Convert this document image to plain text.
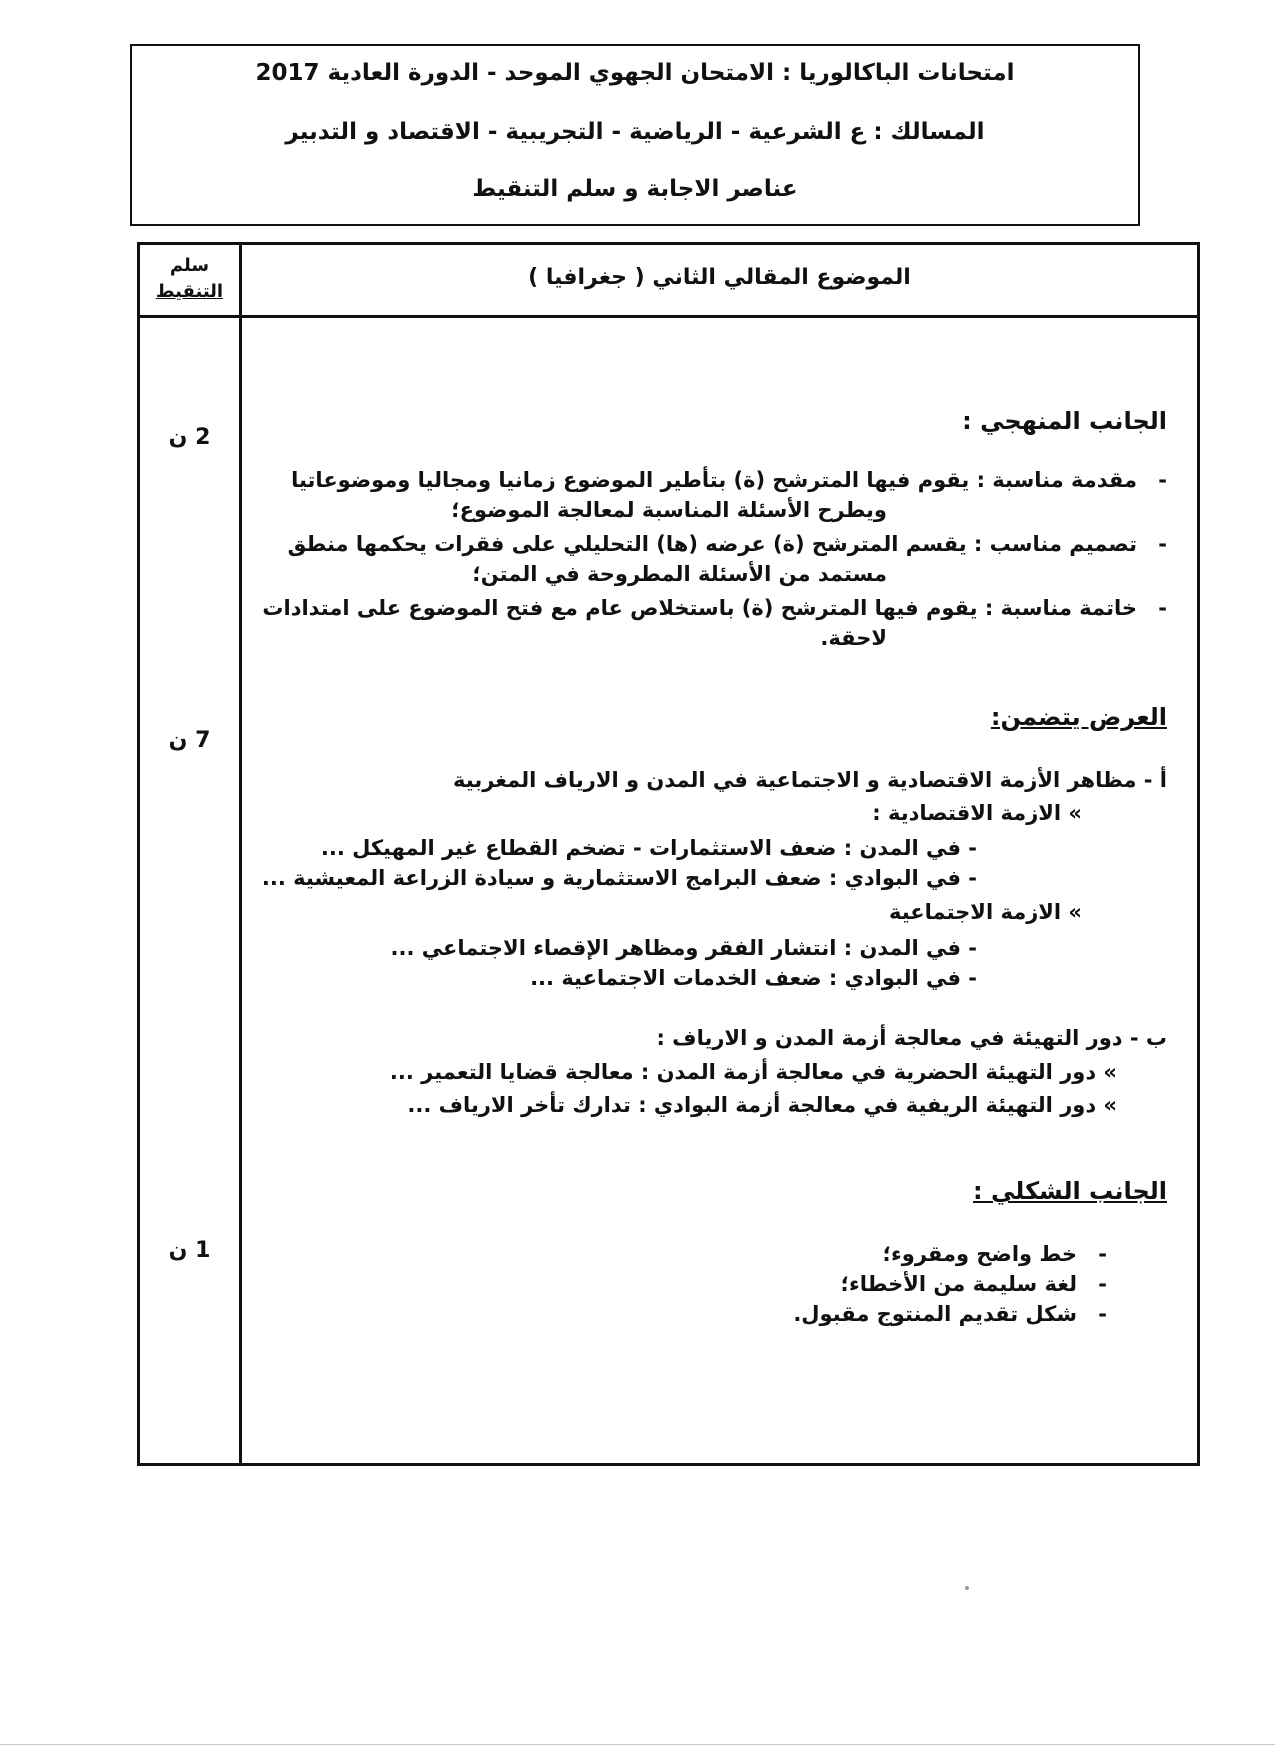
امتحانات الباكالوريا : الامتحان الجهوي الموحد - الدورة العادية 2017
المسالك : ع الشرعية - الرياضية - التجريبية - الاقتصاد و التدبير
عناصر الاجابة و سلم التنقيط
سلم
التنقيط
الموضوع المقالي الثاني ( جغرافيا )
2 ن
7 ن
1 ن
الجانب المنهجي :
-مقدمة مناسبة : يقوم فيها المترشح (ة) بتأطير الموضوع زمانيا ومجاليا وموضوعاتيا
ويطرح الأسئلة المناسبة لمعالجة الموضوع؛
-تصميم مناسب : يقسم المترشح (ة) عرضه (ها) التحليلي على فقرات يحكمها منطق
مستمد من الأسئلة المطروحة في المتن؛
-خاتمة مناسبة : يقوم فيها المترشح (ة) باستخلاص عام مع فتح الموضوع على امتدادات
لاحقة.
العرض يتضمن:
أ - مظاهر الأزمة الاقتصادية و الاجتماعية في المدن و الارياف المغربية
» الازمة الاقتصادية :
- في المدن : ضعف الاستثمارات - تضخم القطاع غير المهيكل ...
- في البوادي : ضعف البرامج الاستثمارية و سيادة الزراعة المعيشية ...
» الازمة الاجتماعية
- في المدن : انتشار الفقر ومظاهر الإقصاء الاجتماعي ...
- في البوادي : ضعف الخدمات الاجتماعية ...
ب - دور التهيئة في معالجة أزمة المدن و الارياف :
» دور التهيئة الحضرية في معالجة أزمة المدن : معالجة قضايا التعمير ...
» دور التهيئة الريفية في معالجة أزمة البوادي : تدارك تأخر الارياف ...
الجانب الشكلي :
-خط واضح ومقروء؛
-لغة سليمة من الأخطاء؛
-شكل تقديم المنتوج مقبول.
